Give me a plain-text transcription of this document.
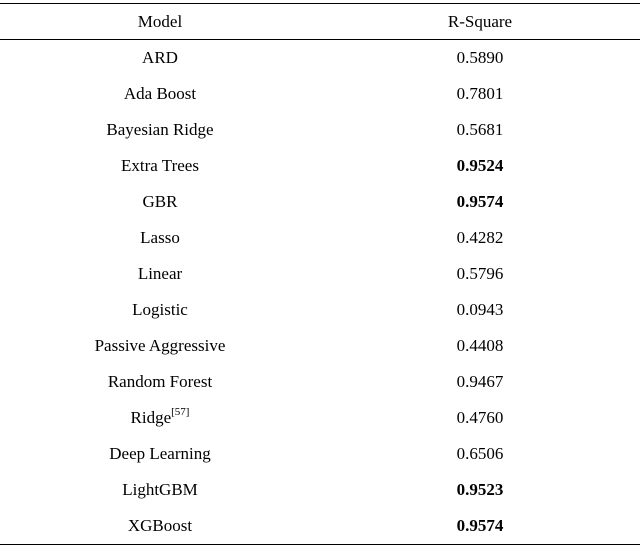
Model	R-Square
ARD	0.5890
Ada Boost	0.7801
Bayesian Ridge	0.5681
Extra Trees	0.9524
GBR	0.9574
Lasso	0.4282
Linear	0.5796
Logistic	0.0943
Passive Aggressive	0.4408
Random Forest	0.9467
Ridge[57]	0.4760
Deep Learning	0.6506
LightGBM	0.9523
XGBoost	0.9574
